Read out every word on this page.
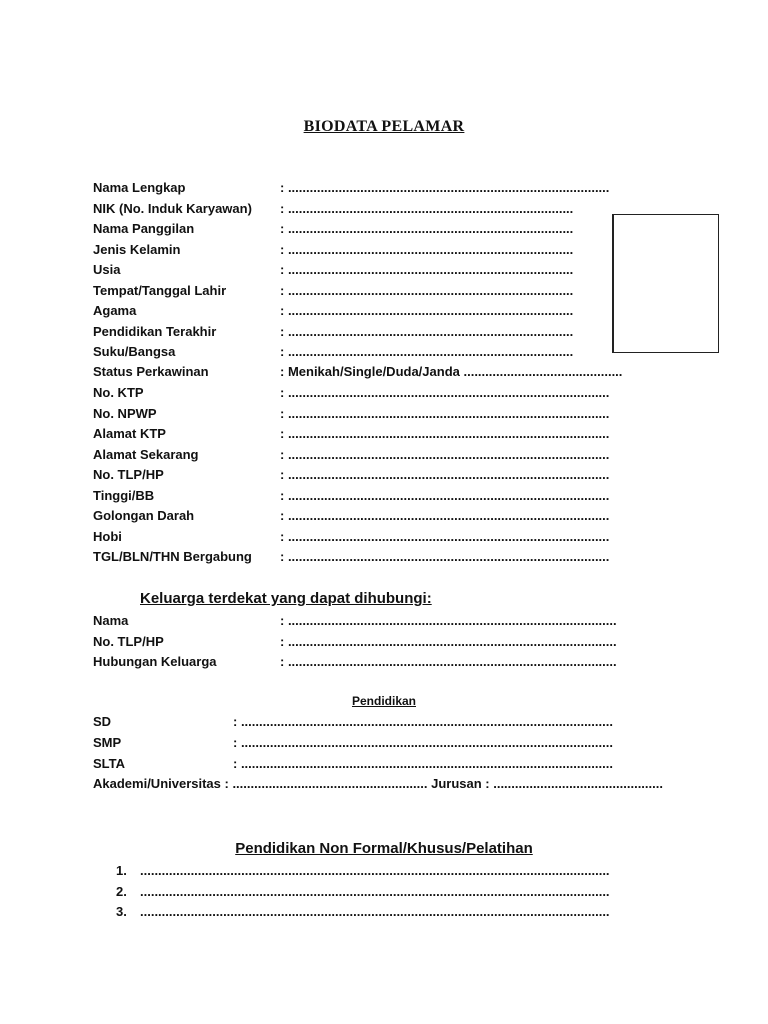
BIODATA PELAMAR
Nama Lengkap	: .........................................................................................
NIK (No. Induk Karyawan) : ...............................................................................
Nama Panggilan	: ...............................................................................
Jenis Kelamin	: ...............................................................................
Usia	: ...............................................................................
Tempat/Tanggal Lahir	: ...............................................................................
Agama	: ...............................................................................
Pendidikan Terakhir	: ...............................................................................
Suku/Bangsa	: ...............................................................................
Status Perkawinan	: Menikah/Single/Duda/Janda ............................................
No. KTP	: .........................................................................................
No. NPWP	: .........................................................................................
Alamat KTP	: .........................................................................................
Alamat Sekarang	: .........................................................................................
No. TLP/HP	: .........................................................................................
Tinggi/BB	: .........................................................................................
Golongan Darah	: .........................................................................................
Hobi	: .........................................................................................
TGL/BLN/THN Bergabung : .........................................................................................
Keluarga terdekat yang dapat dihubungi:
Nama	: ...........................................................................................
No. TLP/HP	: ...........................................................................................
Hubungan Keluarga	: ...........................................................................................
Pendidikan
SD	: .......................................................................................................
SMP	: .......................................................................................................
SLTA	: .......................................................................................................
Akademi/Universitas : ...................................................... Jurusan : ...............................................
Pendidikan Non Formal/Khusus/Pelatihan
1. ..................................................................................................................................
2. ..................................................................................................................................
3. ..................................................................................................................................
